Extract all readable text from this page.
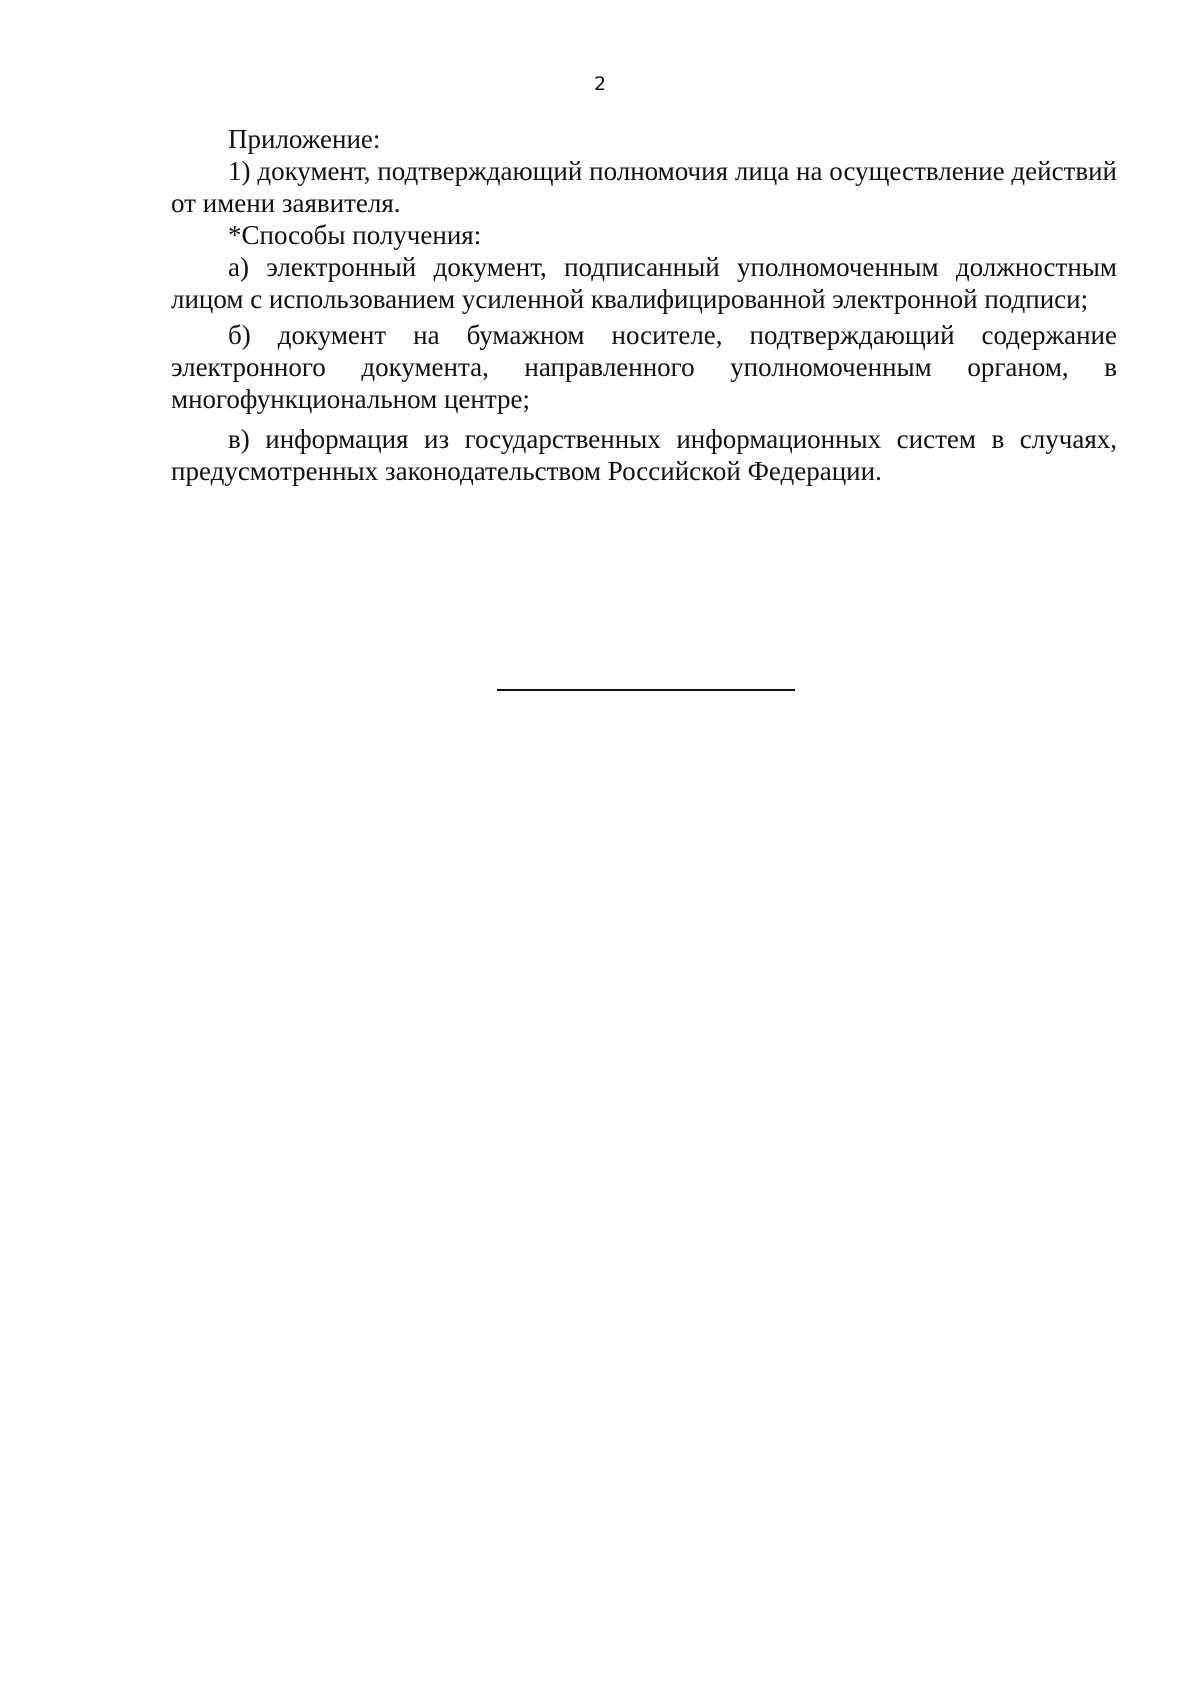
2

Приложение:

1) документ, подтверждающий полномочия лица на осуществление действий от имени заявителя.

*Способы получения:

а) электронный документ, подписанный уполномоченным должностным лицом с использованием усиленной квалифицированной электронной подписи;

б) документ на бумажном носителе, подтверждающий содержание электронного документа, направленного уполномоченным органом, в многофункциональном центре;

в) информация из государственных информационных систем в случаях, предусмотренных законодательством Российской Федерации.
